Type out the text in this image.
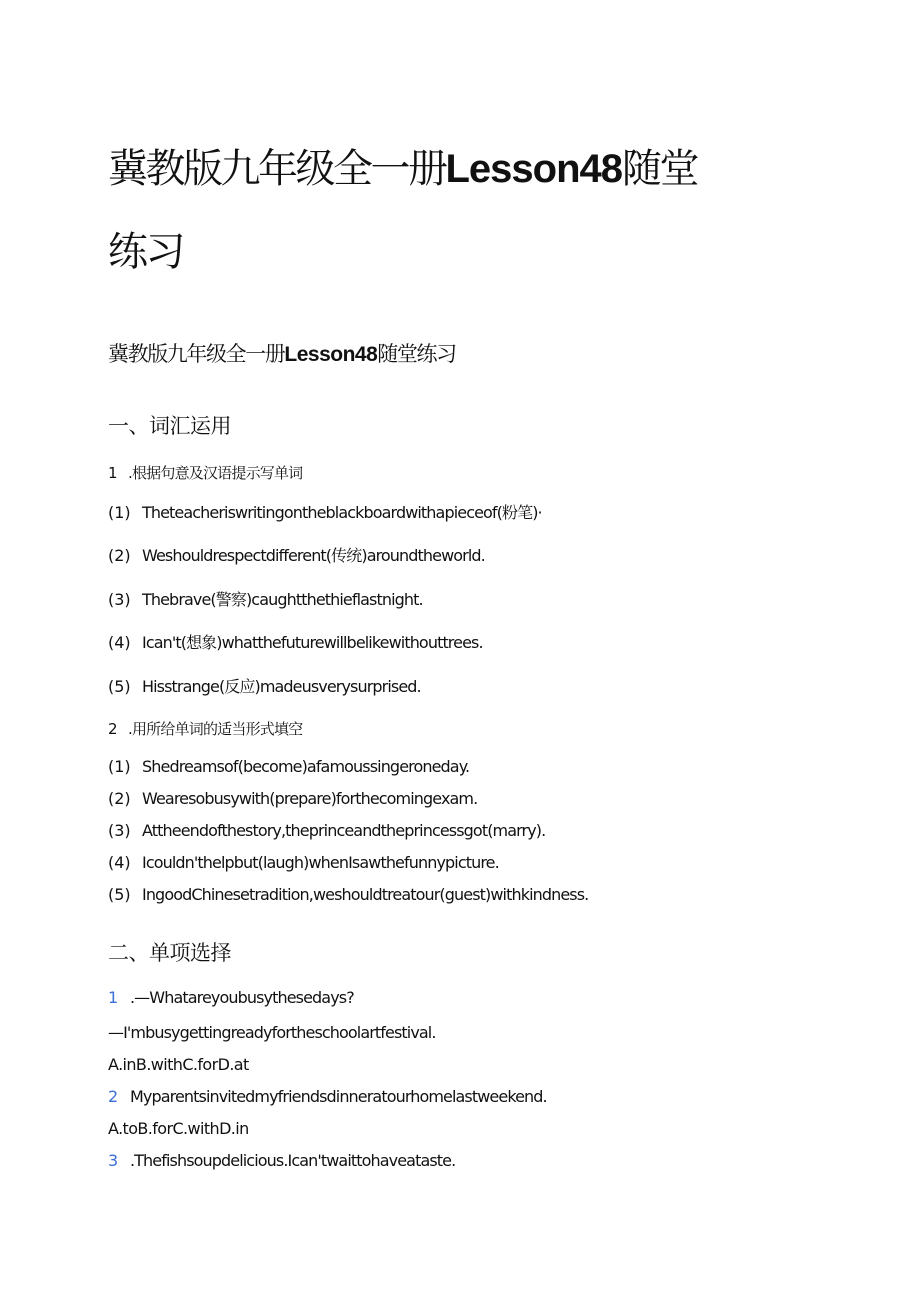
冀教版九年级全一册Lesson48随堂
练习
冀教版九年级全一册Lesson48随堂练习
一、词汇运用
1 .根据句意及汉语提示写单词
(1) Theteacheriswritingontheblackboardwithapieceof(粉笔)·
(2) Weshouldrespectdifferent(传统)aroundtheworld.
(3) Thebrave(警察)caughtthethieflastnight.
(4) Ican't(想象)whatthefuturewillbelikewithouttrees.
(5) Hisstrange(反应)madeusverysurprised.
2 .用所给单词的适当形式填空
(1) Shedreamsof(become)afamoussingeroneday.
(2) Wearesobusywith(prepare)forthecomingexam.
(3) Attheendofthestory,theprinceandtheprincessgot(marry).
(4) Icouldn'thelpbut(laugh)whenIsawthefunnypicture.
(5) IngoodChinesetradition,weshouldtreatour(guest)withkindness.
二、单项选择
1 .—Whatareyoubusythesedays?
—I'mbusygettingreadyfortheschoolartfestival.
A.inB.withC.forD.at
2 Myparentsinvitedmyfriendsdinneratourhomelastweekend.
A.toB.forC.withD.in
3 .Thefishsoupdelicious.Ican'twaittohaveataste.
